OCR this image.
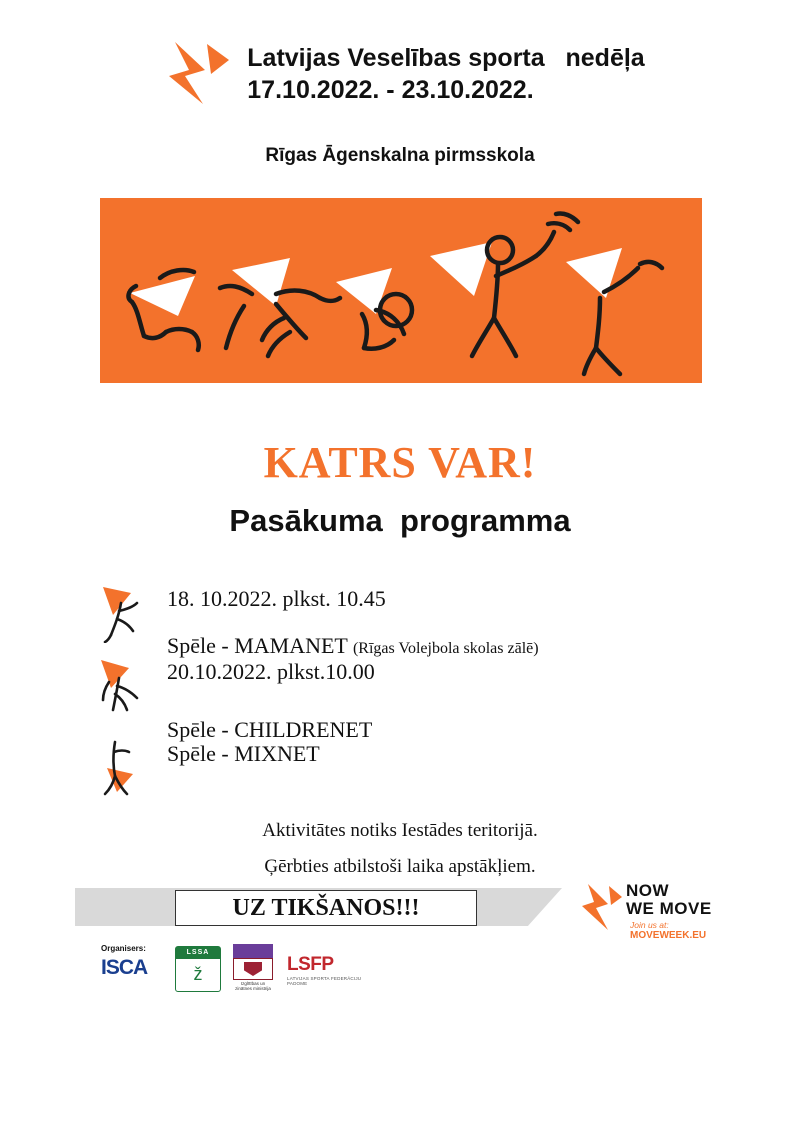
Latvijas Veselības sporta   nedēļa
17.10.2022. - 23.10.2022.
Rīgas Āgenskalna pirmsskola
KATRS VAR!
Pasākuma  programma
18. 10.2022. plkst. 10.45
Spēle - MAMANET (Rīgas Volejbola skolas zālē)
20.10.2022. plkst.10.00
Spēle - CHILDRENET
Spēle - MIXNET
Aktivitātes notiks Iestādes teritorijā.
Ģērbties atbilstoši laika apstākļiem.
UZ TIKŠANOS!!!
NOW
WE MOVE
Join us at:
MOVEWEEK.EU
Organisers:
ISCA
LSSA
ž	Izglītības un zinātnes ministrija
LSFP
LATVIJAS SPORTA FEDERĀCIJU PADOME
